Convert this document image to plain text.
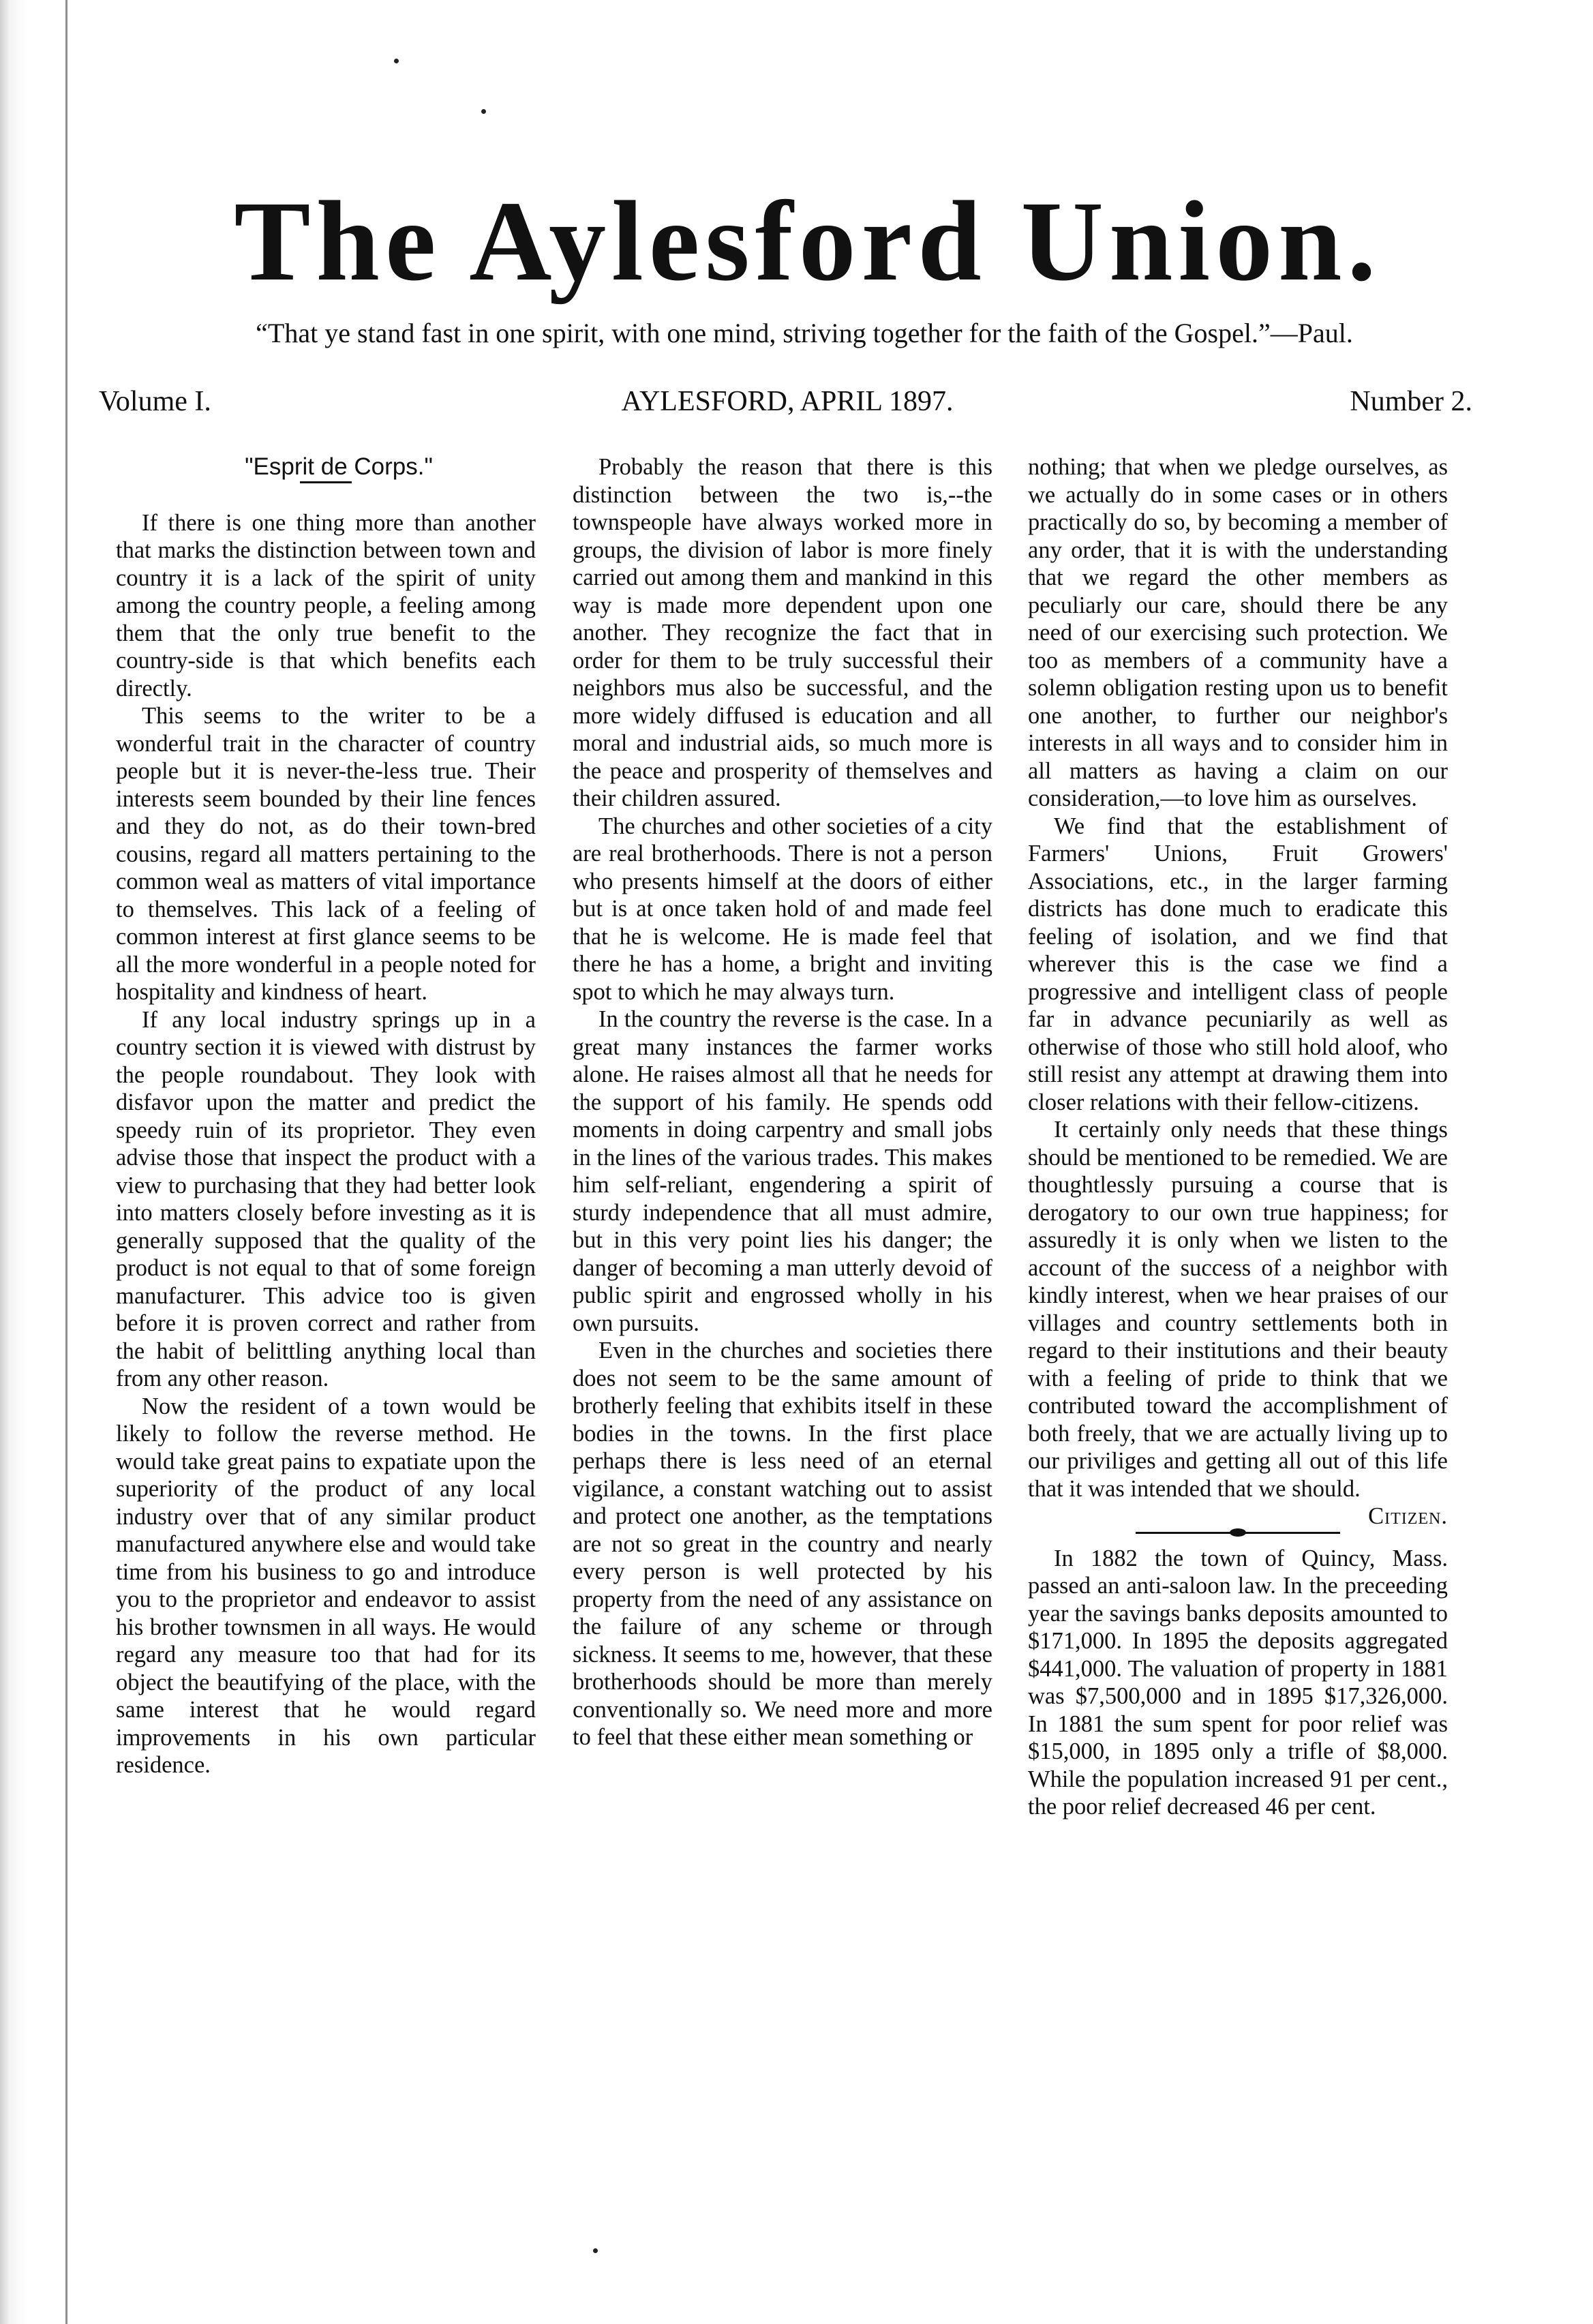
The Aylesford Union.
“That ye stand fast in one spirit, with one mind, striving together for the faith of the Gospel.”—Paul.
Volume I.	AYLESFORD, APRIL 1897.	Number 2.

"Esprit de Corps."

If there is one thing more than another that marks the distinction between town and country it is a lack of the spirit of unity among the country people, a feeling among them that the only true benefit to the country-side is that which benefits each directly.

This seems to the writer to be a wonderful trait in the character of country people but it is never-the-less true. Their interests seem bounded by their line fences and they do not, as do their town-bred cousins, regard all matters pertaining to the common weal as matters of vital importance to themselves. This lack of a feeling of common interest at first glance seems to be all the more wonderful in a people noted for hospitality and kindness of heart.

If any local industry springs up in a country section it is viewed with distrust by the people roundabout. They look with disfavor upon the matter and predict the speedy ruin of its proprietor. They even advise those that inspect the product with a view to purchasing that they had better look into matters closely before investing as it is generally supposed that the quality of the product is not equal to that of some foreign manufacturer. This advice too is given before it is proven correct and rather from the habit of belittling anything local than from any other reason.

Now the resident of a town would be likely to follow the reverse method. He would take great pains to expatiate upon the superiority of the product of any local industry over that of any similar product manufactured anywhere else and would take time from his business to go and introduce you to the proprietor and endeavor to assist his brother townsmen in all ways. He would regard any measure too that had for its object the beautifying of the place, with the same interest that he would regard improvements in his own particular residence.

Probably the reason that there is this distinction between the two is,--the townspeople have always worked more in groups, the division of labor is more finely carried out among them and mankind in this way is made more dependent upon one another. They recognize the fact that in order for them to be truly successful their neighbors mus also be successful, and the more widely diffused is education and all moral and industrial aids, so much more is the peace and prosperity of themselves and their children assured.

The churches and other societies of a city are real brotherhoods. There is not a person who presents himself at the doors of either but is at once taken hold of and made feel that he is welcome. He is made feel that there he has a home, a bright and inviting spot to which he may always turn.

In the country the reverse is the case. In a great many instances the farmer works alone. He raises almost all that he needs for the support of his family. He spends odd moments in doing carpentry and small jobs in the lines of the various trades. This makes him self-reliant, engendering a spirit of sturdy independence that all must admire, but in this very point lies his danger; the danger of becoming a man utterly devoid of public spirit and engrossed wholly in his own pursuits.

Even in the churches and societies there does not seem to be the same amount of brotherly feeling that exhibits itself in these bodies in the towns. In the first place perhaps there is less need of an eternal vigilance, a constant watching out to assist and protect one another, as the temptations are not so great in the country and nearly every person is well protected by his property from the need of any assistance on the failure of any scheme or through sickness. It seems to me, however, that these brotherhoods should be more than merely conventionally so. We need more and more to feel that these either mean something or

nothing; that when we pledge ourselves, as we actually do in some cases or in others practically do so, by becoming a member of any order, that it is with the understanding that we regard the other members as peculiarly our care, should there be any need of our exercising such protection. We too as members of a community have a solemn obligation resting upon us to benefit one another, to further our neighbor's interests in all ways and to consider him in all matters as having a claim on our consideration,—to love him as ourselves.

We find that the establishment of Farmers' Unions, Fruit Growers' Associations, etc., in the larger farming districts has done much to eradicate this feeling of isolation, and we find that wherever this is the case we find a progressive and intelligent class of people far in advance pecuniarily as well as otherwise of those who still hold aloof, who still resist any attempt at drawing them into closer relations with their fellow-citizens.

It certainly only needs that these things should be mentioned to be remedied. We are thoughtlessly pursuing a course that is derogatory to our own true happiness; for assuredly it is only when we listen to the account of the success of a neighbor with kindly interest, when we hear praises of our villages and country settlements both in regard to their institutions and their beauty with a feeling of pride to think that we contributed toward the accomplishment of both freely, that we are actually living up to our priviliges and getting all out of this life that it was intended that we should.

Citizen.

In 1882 the town of Quincy, Mass. passed an anti-saloon law. In the preceeding year the savings banks deposits amounted to $171,000. In 1895 the deposits aggregated $441,000. The valuation of property in 1881 was $7,500,000 and in 1895 $17,326,000. In 1881 the sum spent for poor relief was $15,000, in 1895 only a trifle of $8,000. While the population increased 91 per cent., the poor relief decreased 46 per cent.
